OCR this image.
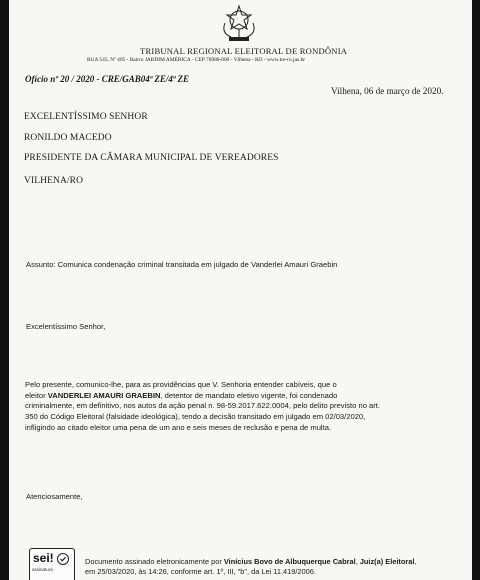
TRIBUNAL REGIONAL ELEITORAL DE RONDÔNIA
RUA 545, Nº 495 - Bairro JARDIM AMÉRICA - CEP 76980-000 - Vilhena - RO - www.tre-ro.jus.br
Ofício nº 20 / 2020 - CRE/GAB04ª ZE/4ª ZE
Vilhena, 06 de março de 2020.
EXCELENTÍSSIMO SENHOR
RONILDO MACEDO
PRESIDENTE DA CÂMARA MUNICIPAL DE VEREADORES
VILHENA/RO
Assunto: Comunica condenação criminal transitada em julgado de Vanderlei Amauri Graebin
Excelentíssimo Senhor,
Pelo presente, comunico-lhe, para as providências que V. Senhoria entender cabíveis, que o
eleitor VANDERLEI AMAURI GRAEBIN, detentor de mandato eletivo vigente, foi condenado
criminalmente, em definitivo, nos autos da ação penal n. 98-59.2017.622.0004, pelo delito previsto no art.
350 do Código Eleitoral (falsidade ideológica), tendo a decisão transitado em julgado em 02/03/2020,
infligindo ao citado eleitor uma pena de um ano e seis meses de reclusão e pena de multa.
Atenciosamente,
sei!
assinatura
Documento assinado eletronicamente por Vinícius Bovo de Albuquerque Cabral, Juiz(a) Eleitoral,
em 25/03/2020, às 14:26, conforme art. 1º, III, "b", da Lei 11.419/2006.
